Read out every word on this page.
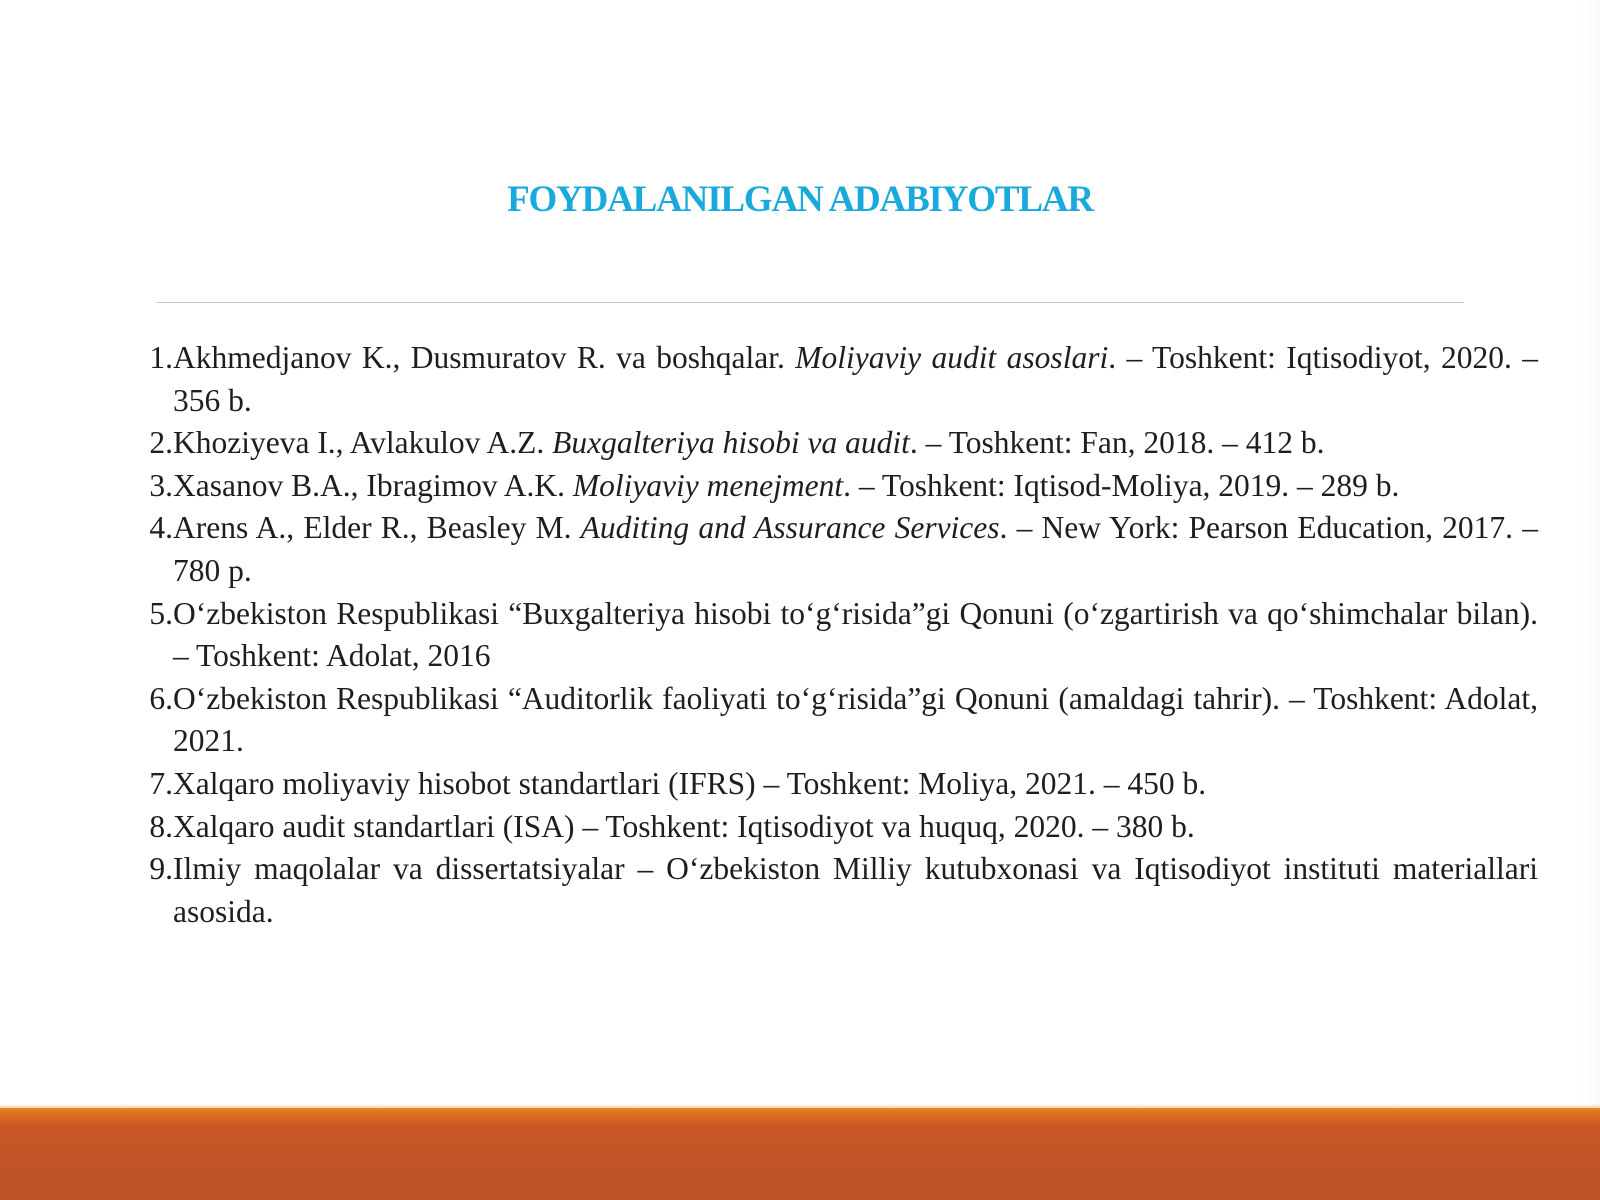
FOYDALANILGAN ADABIYOTLAR
1. Akhmedjanov K., Dusmuratov R. va boshqalar. Moliyaviy audit asoslari. – Toshkent: Iqtisodiyot, 2020. – 356 b.
2. Khoziyeva I., Avlakulov A.Z. Buxgalteriya hisobi va audit. – Toshkent: Fan, 2018. – 412 b.
3. Xasanov B.A., Ibragimov A.K. Moliyaviy menejment. – Toshkent: Iqtisod-Moliya, 2019. – 289 b.
4. Arens A., Elder R., Beasley M. Auditing and Assurance Services. – New York: Pearson Education, 2017. – 780 p.
5. O‘zbekiston Respublikasi “Buxgalteriya hisobi to‘g‘risida”gi Qonuni (o‘zgartirish va qo‘shimchalar bilan). – Toshkent: Adolat, 2016
6. O‘zbekiston Respublikasi “Auditorlik faoliyati to‘g‘risida”gi Qonuni (amaldagi tahrir). – Toshkent: Adolat, 2021.
7. Xalqaro moliyaviy hisobot standartlari (IFRS) – Toshkent: Moliya, 2021. – 450 b.
8. Xalqaro audit standartlari (ISA) – Toshkent: Iqtisodiyot va huquq, 2020. – 380 b.
9. Ilmiy maqolalar va dissertatsiyalar – O‘zbekiston Milliy kutubxonasi va Iqtisodiyot instituti materiallari asosida.
